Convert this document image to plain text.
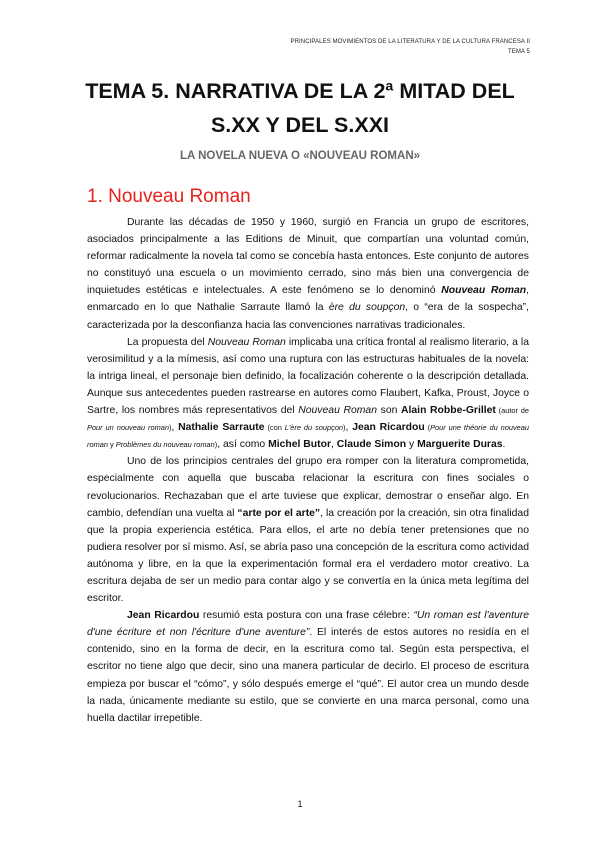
PRINCIPALES MOVIMIENTOS DE LA LITERATURA Y DE LA CULTURA FRANCESA II
TEMA 5
TEMA 5. NARRATIVA DE LA 2ª MITAD DEL
S.XX Y DEL S.XXI
LA NOVELA NUEVA O «NOUVEAU ROMAN»
1. Nouveau Roman

Durante las décadas de 1950 y 1960, surgió en Francia un grupo de escritores, asociados principalmente a las Editions de Minuit, que compartían una voluntad común, reformar radicalmente la novela tal como se concebía hasta entonces. Este conjunto de autores no constituyó una escuela o un movimiento cerrado, sino más bien una convergencia de inquietudes estéticas e intelectuales. A este fenómeno se lo denominó Nouveau Roman, enmarcado en lo que Nathalie Sarraute llamó la ère du soupçon, o “era de la sospecha”, caracterizada por la desconfianza hacia las convenciones narrativas tradicionales.

La propuesta del Nouveau Roman implicaba una crítica frontal al realismo literario, a la verosimilitud y a la mímesis, así como una ruptura con las estructuras habituales de la novela: la intriga lineal, el personaje bien definido, la focalización coherente o la descripción detallada. Aunque sus antecedentes pueden rastrearse en autores como Flaubert, Kafka, Proust, Joyce o Sartre, los nombres más representativos del Nouveau Roman son Alain Robbe-Grillet (autor de Pour un nouveau roman), Nathalie Sarraute (con L'ère du soupçon), Jean Ricardou (Pour une théorie du nouveau roman y Problèmes du nouveau roman), así como Michel Butor, Claude Simon y Marguerite Duras.

Uno de los principios centrales del grupo era romper con la literatura comprometida, especialmente con aquella que buscaba relacionar la escritura con fines sociales o revolucionarios. Rechazaban que el arte tuviese que explicar, demostrar o enseñar algo. En cambio, defendían una vuelta al “arte por el arte”, la creación por la creación, sin otra finalidad que la propia experiencia estética. Para ellos, el arte no debía tener pretensiones que no pudiera resolver por sí mismo. Así, se abría paso una concepción de la escritura como actividad autónoma y libre, en la que la experimentación formal era el verdadero motor creativo. La escritura dejaba de ser un medio para contar algo y se convertía en la única meta legítima del escritor.

Jean Ricardou resumió esta postura con una frase célebre: “Un roman est l'aventure d'une écriture et non l'écriture d'une aventure”. El interés de estos autores no residía en el contenido, sino en la forma de decir, en la escritura como tal. Según esta perspectiva, el escritor no tiene algo que decir, sino una manera particular de decirlo. El proceso de escritura empieza por buscar el “cómo”, y sólo después emerge el “qué”. El autor crea un mundo desde la nada, únicamente mediante su estilo, que se convierte en una marca personal, como una huella dactilar irrepetible.

1
